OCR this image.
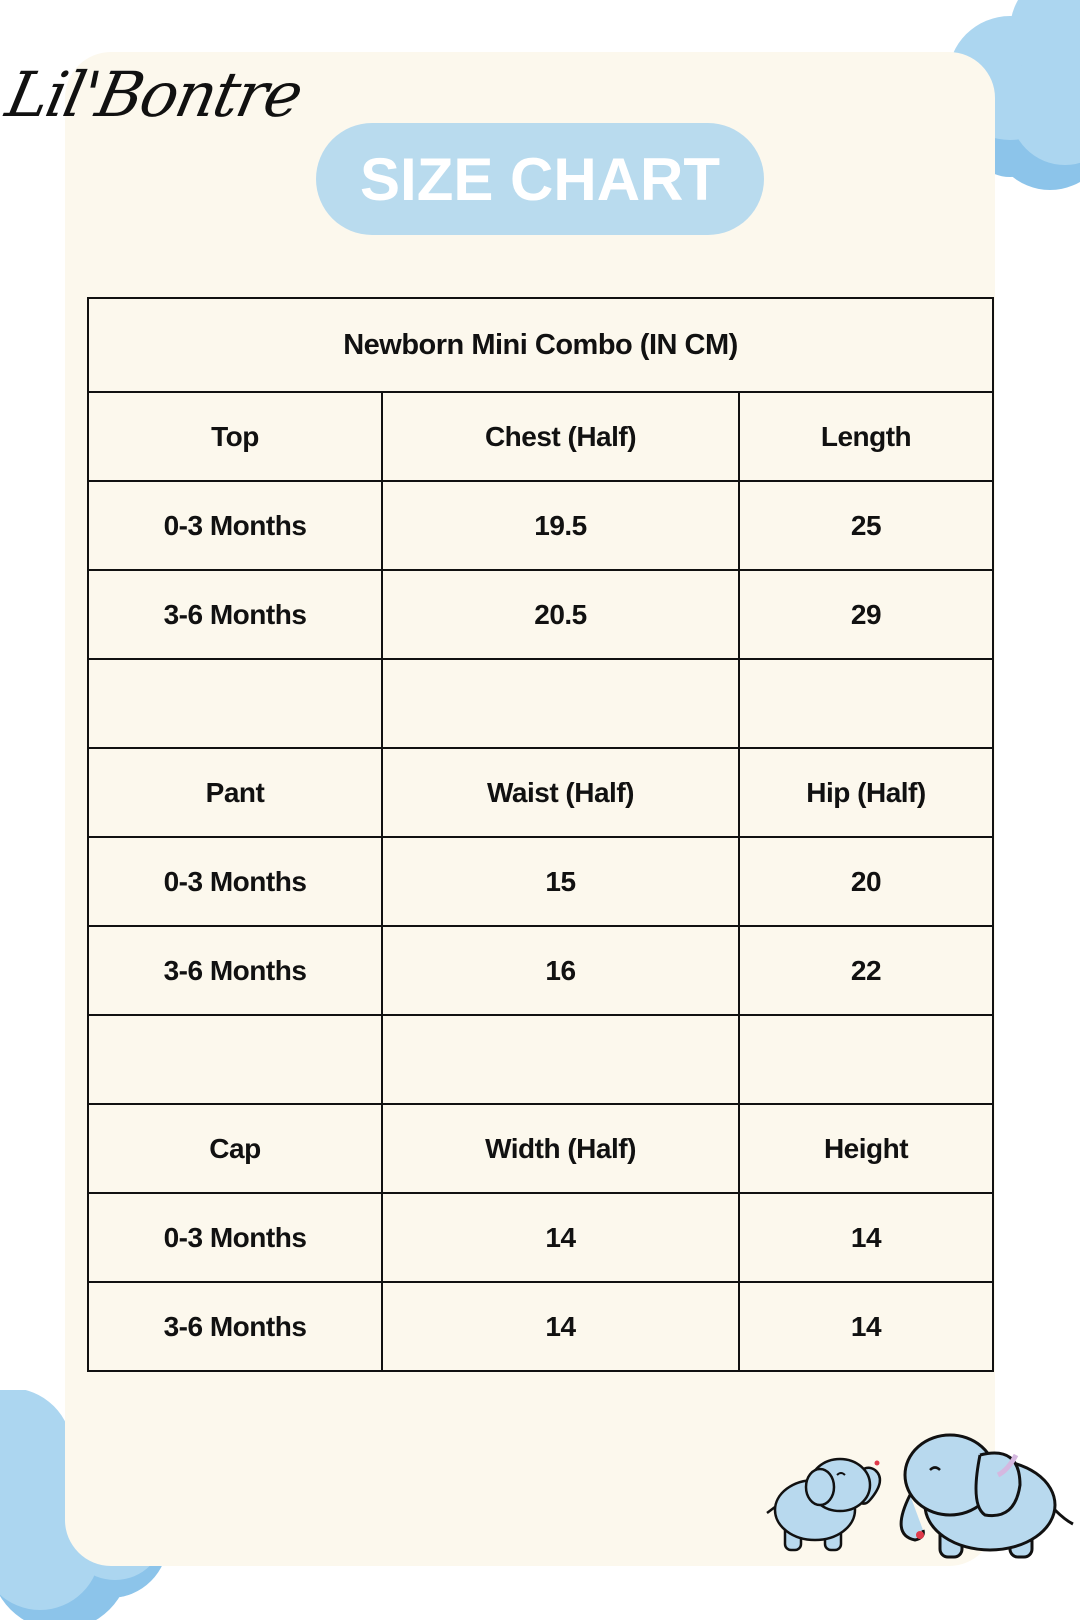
Lil'Bontre
SIZE CHART
Newborn Mini Combo (IN CM)		
Top	Chest (Half)	Length
0-3 Months	19.5	25
3-6 Months	20.5	29

Pant	Waist (Half)	Hip (Half)
0-3 Months	15	20
3-6 Months	16	22

Cap	Width (Half)	Height
0-3 Months	14	14
3-6 Months	14	14
